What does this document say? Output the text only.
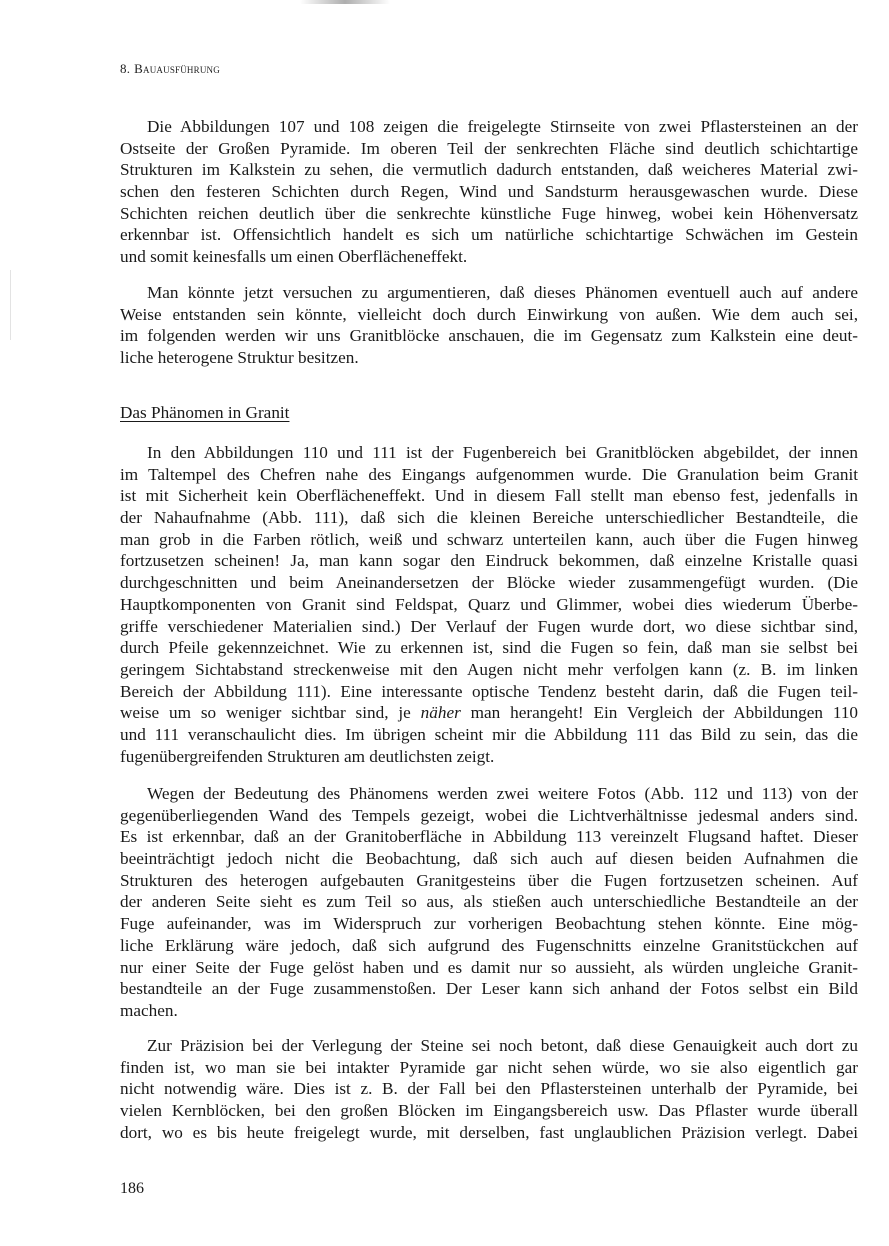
8. Bauausführung
Die Abbildungen 107 und 108 zeigen die freigelegte Stirnseite von zwei Pflastersteinen an der
Ostseite der Großen Pyramide. Im oberen Teil der senkrechten Fläche sind deutlich schichtartige
Strukturen im Kalkstein zu sehen, die vermutlich dadurch entstanden, daß weicheres Material zwi-
schen den festeren Schichten durch Regen, Wind und Sandsturm herausgewaschen wurde. Diese
Schichten reichen deutlich über die senkrechte künstliche Fuge hinweg, wobei kein Höhenversatz
erkennbar ist. Offensichtlich handelt es sich um natürliche schichtartige Schwächen im Gestein
und somit keinesfalls um einen Oberflächeneffekt.
Man könnte jetzt versuchen zu argumentieren, daß dieses Phänomen eventuell auch auf andere
Weise entstanden sein könnte, vielleicht doch durch Einwirkung von außen. Wie dem auch sei,
im folgenden werden wir uns Granitblöcke anschauen, die im Gegensatz zum Kalkstein eine deut-
liche heterogene Struktur besitzen.
Das Phänomen in Granit
In den Abbildungen 110 und 111 ist der Fugenbereich bei Granitblöcken abgebildet, der innen
im Taltempel des Chefren nahe des Eingangs aufgenommen wurde. Die Granulation beim Granit
ist mit Sicherheit kein Oberflächeneffekt. Und in diesem Fall stellt man ebenso fest, jedenfalls in
der Nahaufnahme (Abb. 111), daß sich die kleinen Bereiche unterschiedlicher Bestandteile, die
man grob in die Farben rötlich, weiß und schwarz unterteilen kann, auch über die Fugen hinweg
fortzusetzen scheinen! Ja, man kann sogar den Eindruck bekommen, daß einzelne Kristalle quasi
durchgeschnitten und beim Aneinandersetzen der Blöcke wieder zusammengefügt wurden. (Die
Hauptkomponenten von Granit sind Feldspat, Quarz und Glimmer, wobei dies wiederum Überbe-
griffe verschiedener Materialien sind.) Der Verlauf der Fugen wurde dort, wo diese sichtbar sind,
durch Pfeile gekennzeichnet. Wie zu erkennen ist, sind die Fugen so fein, daß man sie selbst bei
geringem Sichtabstand streckenweise mit den Augen nicht mehr verfolgen kann (z. B. im linken
Bereich der Abbildung 111). Eine interessante optische Tendenz besteht darin, daß die Fugen teil-
weise um so weniger sichtbar sind, je näher man herangeht! Ein Vergleich der Abbildungen 110
und 111 veranschaulicht dies. Im übrigen scheint mir die Abbildung 111 das Bild zu sein, das die
fugenübergreifenden Strukturen am deutlichsten zeigt.
Wegen der Bedeutung des Phänomens werden zwei weitere Fotos (Abb. 112 und 113) von der
gegenüberliegenden Wand des Tempels gezeigt, wobei die Lichtverhältnisse jedesmal anders sind.
Es ist erkennbar, daß an der Granitoberfläche in Abbildung 113 vereinzelt Flugsand haftet. Dieser
beeinträchtigt jedoch nicht die Beobachtung, daß sich auch auf diesen beiden Aufnahmen die
Strukturen des heterogen aufgebauten Granitgesteins über die Fugen fortzusetzen scheinen. Auf
der anderen Seite sieht es zum Teil so aus, als stießen auch unterschiedliche Bestandteile an der
Fuge aufeinander, was im Widerspruch zur vorherigen Beobachtung stehen könnte. Eine mög-
liche Erklärung wäre jedoch, daß sich aufgrund des Fugenschnitts einzelne Granitstückchen auf
nur einer Seite der Fuge gelöst haben und es damit nur so aussieht, als würden ungleiche Granit-
bestandteile an der Fuge zusammenstoßen. Der Leser kann sich anhand der Fotos selbst ein Bild
machen.
Zur Präzision bei der Verlegung der Steine sei noch betont, daß diese Genauigkeit auch dort zu
finden ist, wo man sie bei intakter Pyramide gar nicht sehen würde, wo sie also eigentlich gar
nicht notwendig wäre. Dies ist z. B. der Fall bei den Pflastersteinen unterhalb der Pyramide, bei
vielen Kernblöcken, bei den großen Blöcken im Eingangsbereich usw. Das Pflaster wurde überall
dort, wo es bis heute freigelegt wurde, mit derselben, fast unglaublichen Präzision verlegt. Dabei
186
